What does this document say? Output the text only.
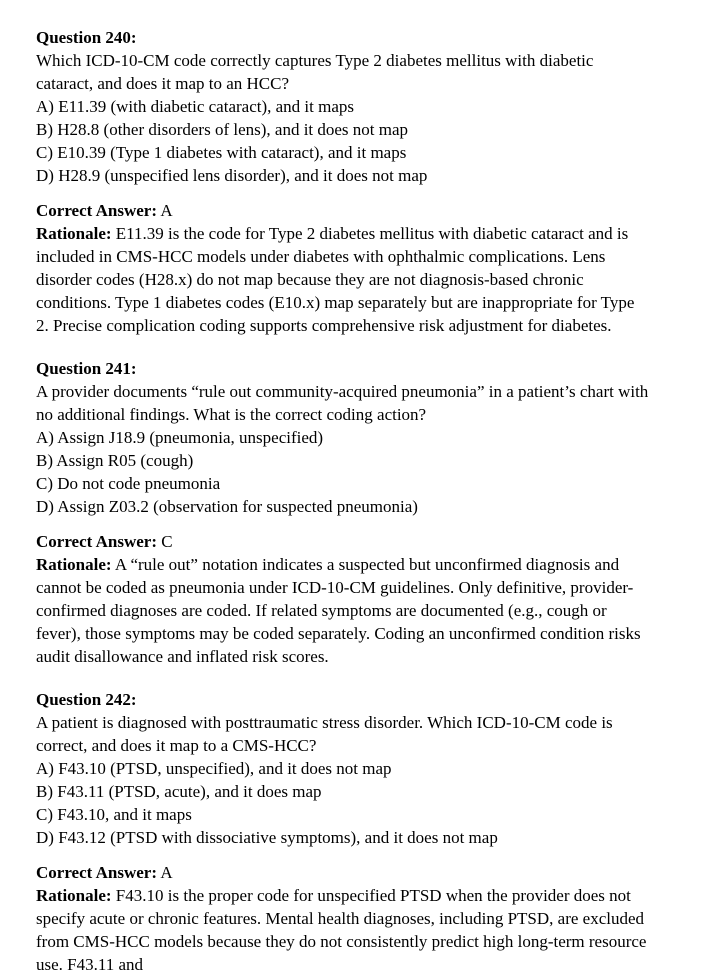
Question 240:
Which ICD-10-CM code correctly captures Type 2 diabetes mellitus with diabetic cataract, and does it map to an HCC?
A) E11.39 (with diabetic cataract), and it maps
B) H28.8 (other disorders of lens), and it does not map
C) E10.39 (Type 1 diabetes with cataract), and it maps
D) H28.9 (unspecified lens disorder), and it does not map
Correct Answer: A
Rationale: E11.39 is the code for Type 2 diabetes mellitus with diabetic cataract and is included in CMS-HCC models under diabetes with ophthalmic complications. Lens disorder codes (H28.x) do not map because they are not diagnosis-based chronic conditions. Type 1 diabetes codes (E10.x) map separately but are inappropriate for Type 2. Precise complication coding supports comprehensive risk adjustment for diabetes.
Question 241:
A provider documents “rule out community-acquired pneumonia” in a patient’s chart with no additional findings. What is the correct coding action?
A) Assign J18.9 (pneumonia, unspecified)
B) Assign R05 (cough)
C) Do not code pneumonia
D) Assign Z03.2 (observation for suspected pneumonia)
Correct Answer: C
Rationale: A “rule out” notation indicates a suspected but unconfirmed diagnosis and cannot be coded as pneumonia under ICD-10-CM guidelines. Only definitive, provider-confirmed diagnoses are coded. If related symptoms are documented (e.g., cough or fever), those symptoms may be coded separately. Coding an unconfirmed condition risks audit disallowance and inflated risk scores.
Question 242:
A patient is diagnosed with posttraumatic stress disorder. Which ICD-10-CM code is correct, and does it map to a CMS-HCC?
A) F43.10 (PTSD, unspecified), and it does not map
B) F43.11 (PTSD, acute), and it does map
C) F43.10, and it maps
D) F43.12 (PTSD with dissociative symptoms), and it does not map
Correct Answer: A
Rationale: F43.10 is the proper code for unspecified PTSD when the provider does not specify acute or chronic features. Mental health diagnoses, including PTSD, are excluded from CMS-HCC models because they do not consistently predict high long-term resource use. F43.11 and
